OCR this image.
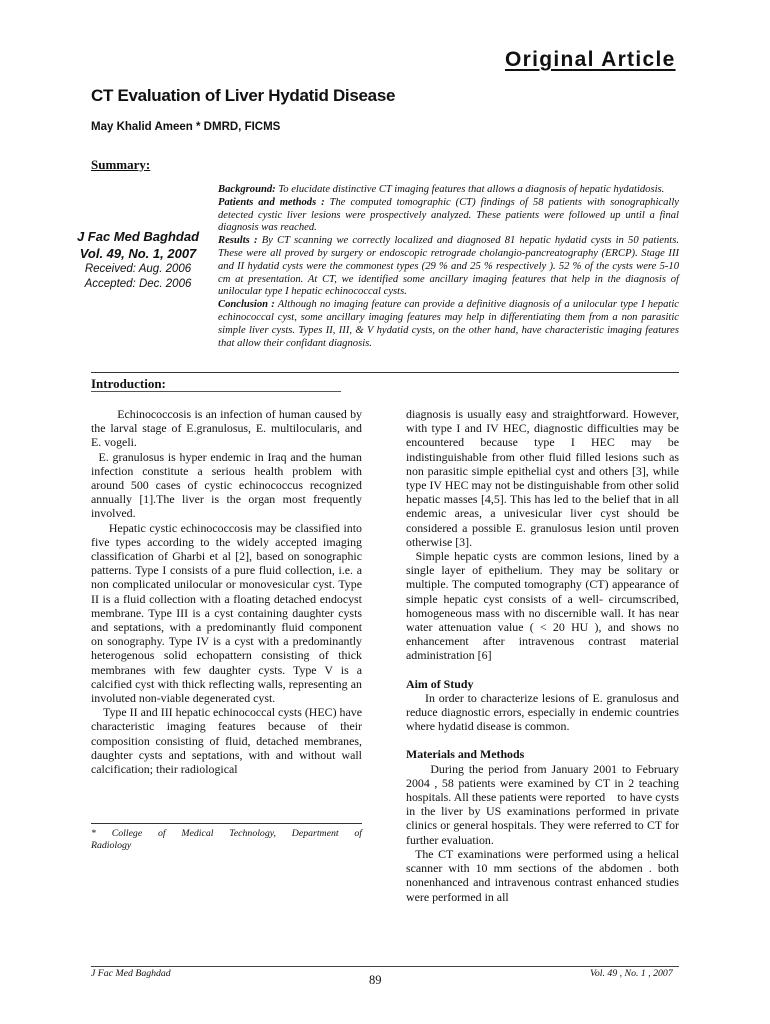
Original Article
CT Evaluation of Liver Hydatid Disease
May Khalid Ameen * DMRD, FICMS
Summary:
J Fac Med Baghdad
Vol. 49, No. 1, 2007
Received: Aug. 2006
Accepted: Dec. 2006

Background: To elucidate distinctive CT imaging features that allows a diagnosis of hepatic hydatidosis.

Patients and methods : The computed tomographic (CT) findings of 58 patients with sonographically detected cystic liver lesions were prospectively analyzed. These patients were followed up until a final diagnosis was reached.

Results : By CT scanning we correctly localized and diagnosed 81 hepatic hydatid cysts in 50 patients. These were all proved by surgery or endoscopic retrograde cholangio-pancreatography (ERCP). Stage III and II hydatid cysts were the commonest types (29 % and 25 % respectively ). 52 % of the cysts were 5-10 cm at presentation. At CT, we identified some ancillary imaging features that help in the diagnosis of unilocular type I hepatic echinococcal cysts.

Conclusion : Although no imaging feature can provide a definitive diagnosis of a unilocular type I hepatic echinococcal cyst, some ancillary imaging features may help in differentiating them from a non parasitic simple liver cysts. Types II, III, & V hydatid cysts, on the other hand, have characteristic imaging features that allow their confidant diagnosis.

Introduction:

Echinococcosis is an infection of human caused by the larval stage of E.granulosus, E. multilocularis, and E. vogeli.

E. granulosus is hyper endemic in Iraq and the human infection constitute a serious health problem with around 500 cases of cystic echinococcus recognized annually [1].The liver is the organ most frequently involved.

Hepatic cystic echinococcosis may be classified into five types according to the widely accepted imaging classification of Gharbi et al [2], based on sonographic patterns. Type I consists of a pure fluid collection, i.e. a non complicated unilocular or monovesicular cyst. Type II is a fluid collection with a floating detached endocyst membrane. Type III is a cyst containing daughter cysts and septations, with a predominantly fluid component on sonography. Type IV is a cyst with a predominantly heterogenous solid echopattern consisting of thick membranes with few daughter cysts. Type V is a calcified cyst with thick reflecting walls, representing an involuted non-viable degenerated cyst.

Type II and III hepatic echinococcal cysts (HEC) have characteristic imaging features because of their composition consisting of fluid, detached membranes, daughter cysts and septations, with and without wall calcification; their radiological

diagnosis is usually easy and straightforward. However, with type I and IV HEC, diagnostic difficulties may be encountered because type I HEC may be indistinguishable from other fluid filled lesions such as non parasitic simple epithelial cyst and others [3], while type IV HEC may not be distinguishable from other solid hepatic masses [4,5]. This has led to the belief that in all endemic areas, a univesicular liver cyst should be considered a possible E. granulosus lesion until proven otherwise [3].

Simple hepatic cysts are common lesions, lined by a single layer of epithelium. They may be solitary or multiple. The computed tomography (CT) appearance of simple hepatic cyst consists of a well- circumscribed, homogeneous mass with no discernible wall. It has near water attenuation value ( < 20 HU ), and shows no enhancement after intravenous contrast material administration [6]

Aim of Study

In order to characterize lesions of E. granulosus and reduce diagnostic errors, especially in endemic countries where hydatid disease is common.

Materials and Methods

During the period from January 2001 to February 2004 , 58 patients were examined by CT in 2 teaching hospitals. All these patients were reported    to have cysts in the liver by US examinations performed in private clinics or general hospitals. They were referred to CT for further evaluation.

The CT examinations were performed using a helical scanner with 10 mm sections of the abdomen . both nonenhanced and intravenous contrast enhanced studies were performed in all

* College of Medical Technology, Department of
Radiology
J Fac Med Baghdad	89	Vol. 49 , No. 1 , 2007
